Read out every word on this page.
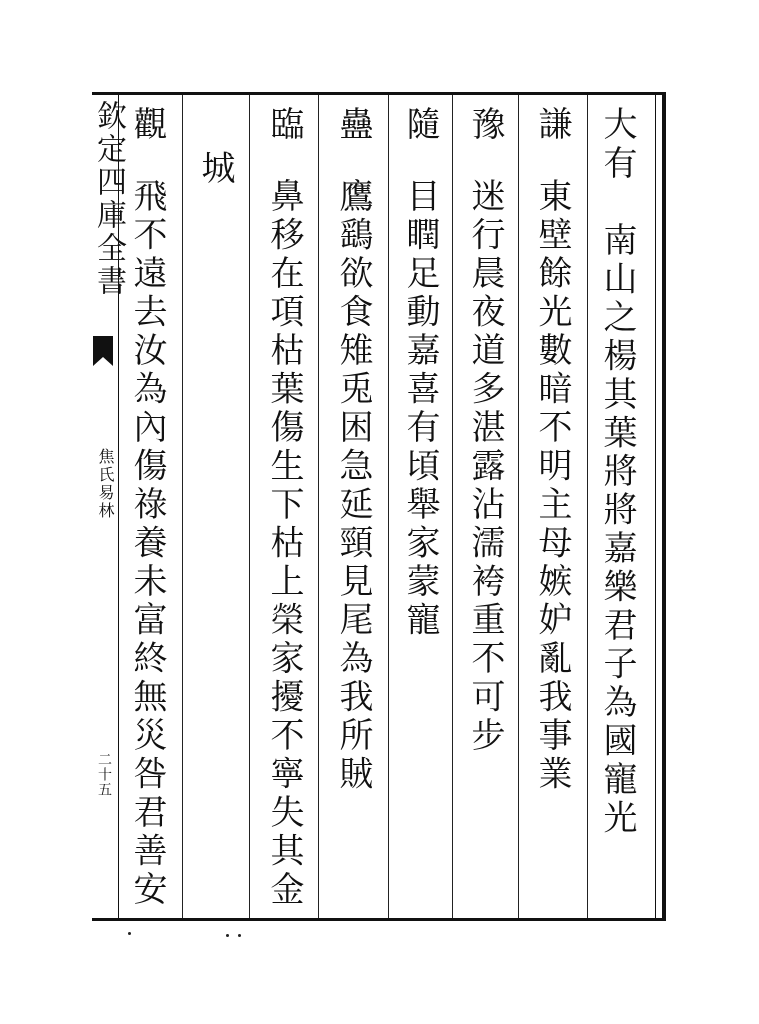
欽定四庫全書
焦氏易林
二十五
大有
南山之楊其葉將將嘉樂君子為國寵光
謙
東壁餘光數暗不明主母嫉妒亂我事業
豫
迷行晨夜道多湛露沾濡袴重不可步
隨
目瞤足動嘉喜有頃舉家蒙寵
蠱
鷹鷂欲食雉兎困急延頸見尾為我所賊
臨
鼻移在項枯葉傷生下枯上榮家擾不寧失其金
城
觀
飛不遠去汝為內傷祿養未富終無災咎君善安
